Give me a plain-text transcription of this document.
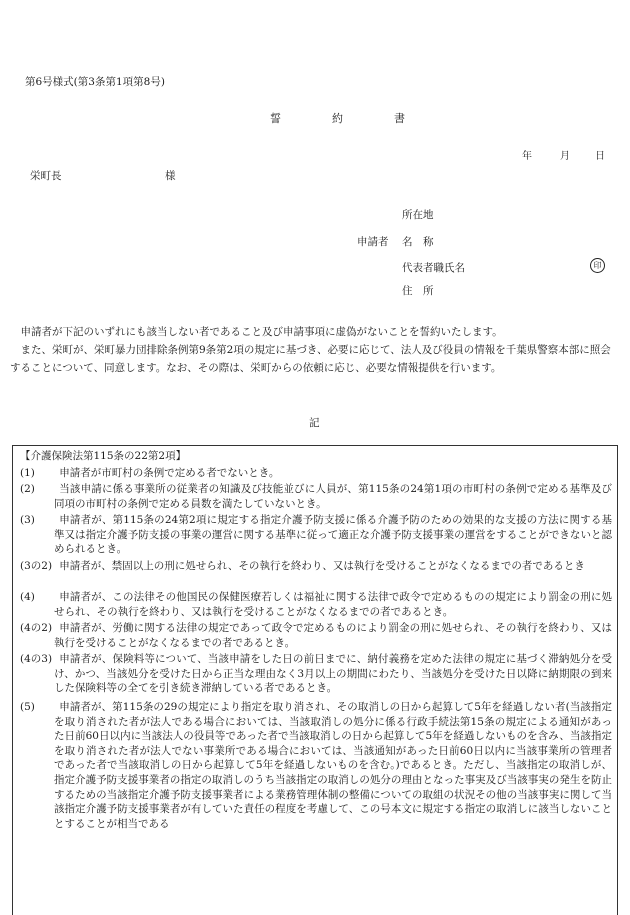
第6号様式(第3条第1項第8号)
誓　約　書
年	月	日
栄町長	様
申請者
所在地
名　称
代表者職氏名	印
住　所
申請者が下記のいずれにも該当しない者であること及び申請事項に虚偽がないことを誓約いたします。
また、栄町が、栄町暴力団排除条例第9条第2項の規定に基づき、必要に応じて、法人及び役員の情報を千葉県警察本部に照会することについて、同意します。なお、その際は、栄町からの依頼に応じ、必要な情報提供を行います。
記
【介護保険法第115条の22第2項】
(1)	申請者が市町村の条例で定める者でないとき。
(2)	当該申請に係る事業所の従業者の知識及び技能並びに人員が、第115条の24第1項の市町村の条例で定める基準及び同項の市町村の条例で定める員数を満たしていないとき。
(3)	申請者が、第115条の24第2項に規定する指定介護予防支援に係る介護予防のための効果的な支援の方法に関する基準又は指定介護予防支援の事業の運営に関する基準に従って適正な介護予防支援事業の運営をすることができないと認められるとき。
(3の2) 申請者が、禁固以上の刑に処せられ、その執行を終わり、又は執行を受けることがなくなるまでの者であるとき
(4)	申請者が、この法律その他国民の保健医療若しくは福祉に関する法律で政令で定めるものの規定により罰金の刑に処せられ、その執行を終わり、又は執行を受けることがなくなるまでの者であるとき。
(4の2) 申請者が、労働に関する法律の規定であって政令で定めるものにより罰金の刑に処せられ、その執行を終わり、又は執行を受けることがなくなるまでの者であるとき。
(4の3) 申請者が、保険料等について、当該申請をした日の前日までに、納付義務を定めた法律の規定に基づく滞納処分を受け、かつ、当該処分を受けた日から正当な理由なく3月以上の期間にわたり、当該処分を受けた日以降に納期限の到来した保険料等の全てを引き続き滞納している者であるとき。
(5)	申請者が、第115条の29の規定により指定を取り消され、その取消しの日から起算して5年を経過しない者(当該指定を取り消された者が法人である場合においては、当該取消しの処分に係る行政手続法第15条の規定による通知があった日前60日以内に当該法人の役員等であった者で当該取消しの日から起算して5年を経過しないものを含み、当該指定を取り消された者が法人でない事業所である場合においては、当該通知があった日前60日以内に当該事業所の管理者であった者で当該取消しの日から起算して5年を経過しないものを含む。)であるとき。ただし、当該指定の取消しが、指定介護予防支援事業者の指定の取消しのうち当該指定の取消しの処分の理由となった事実及び当該事実の発生を防止するための当該指定介護予防支援事業者による業務管理体制の整備についての取組の状況その他の当該事実に関して当該指定介護予防支援事業者が有していた責任の程度を考慮して、この号本文に規定する指定の取消しに該当しないこととすることが相当である
